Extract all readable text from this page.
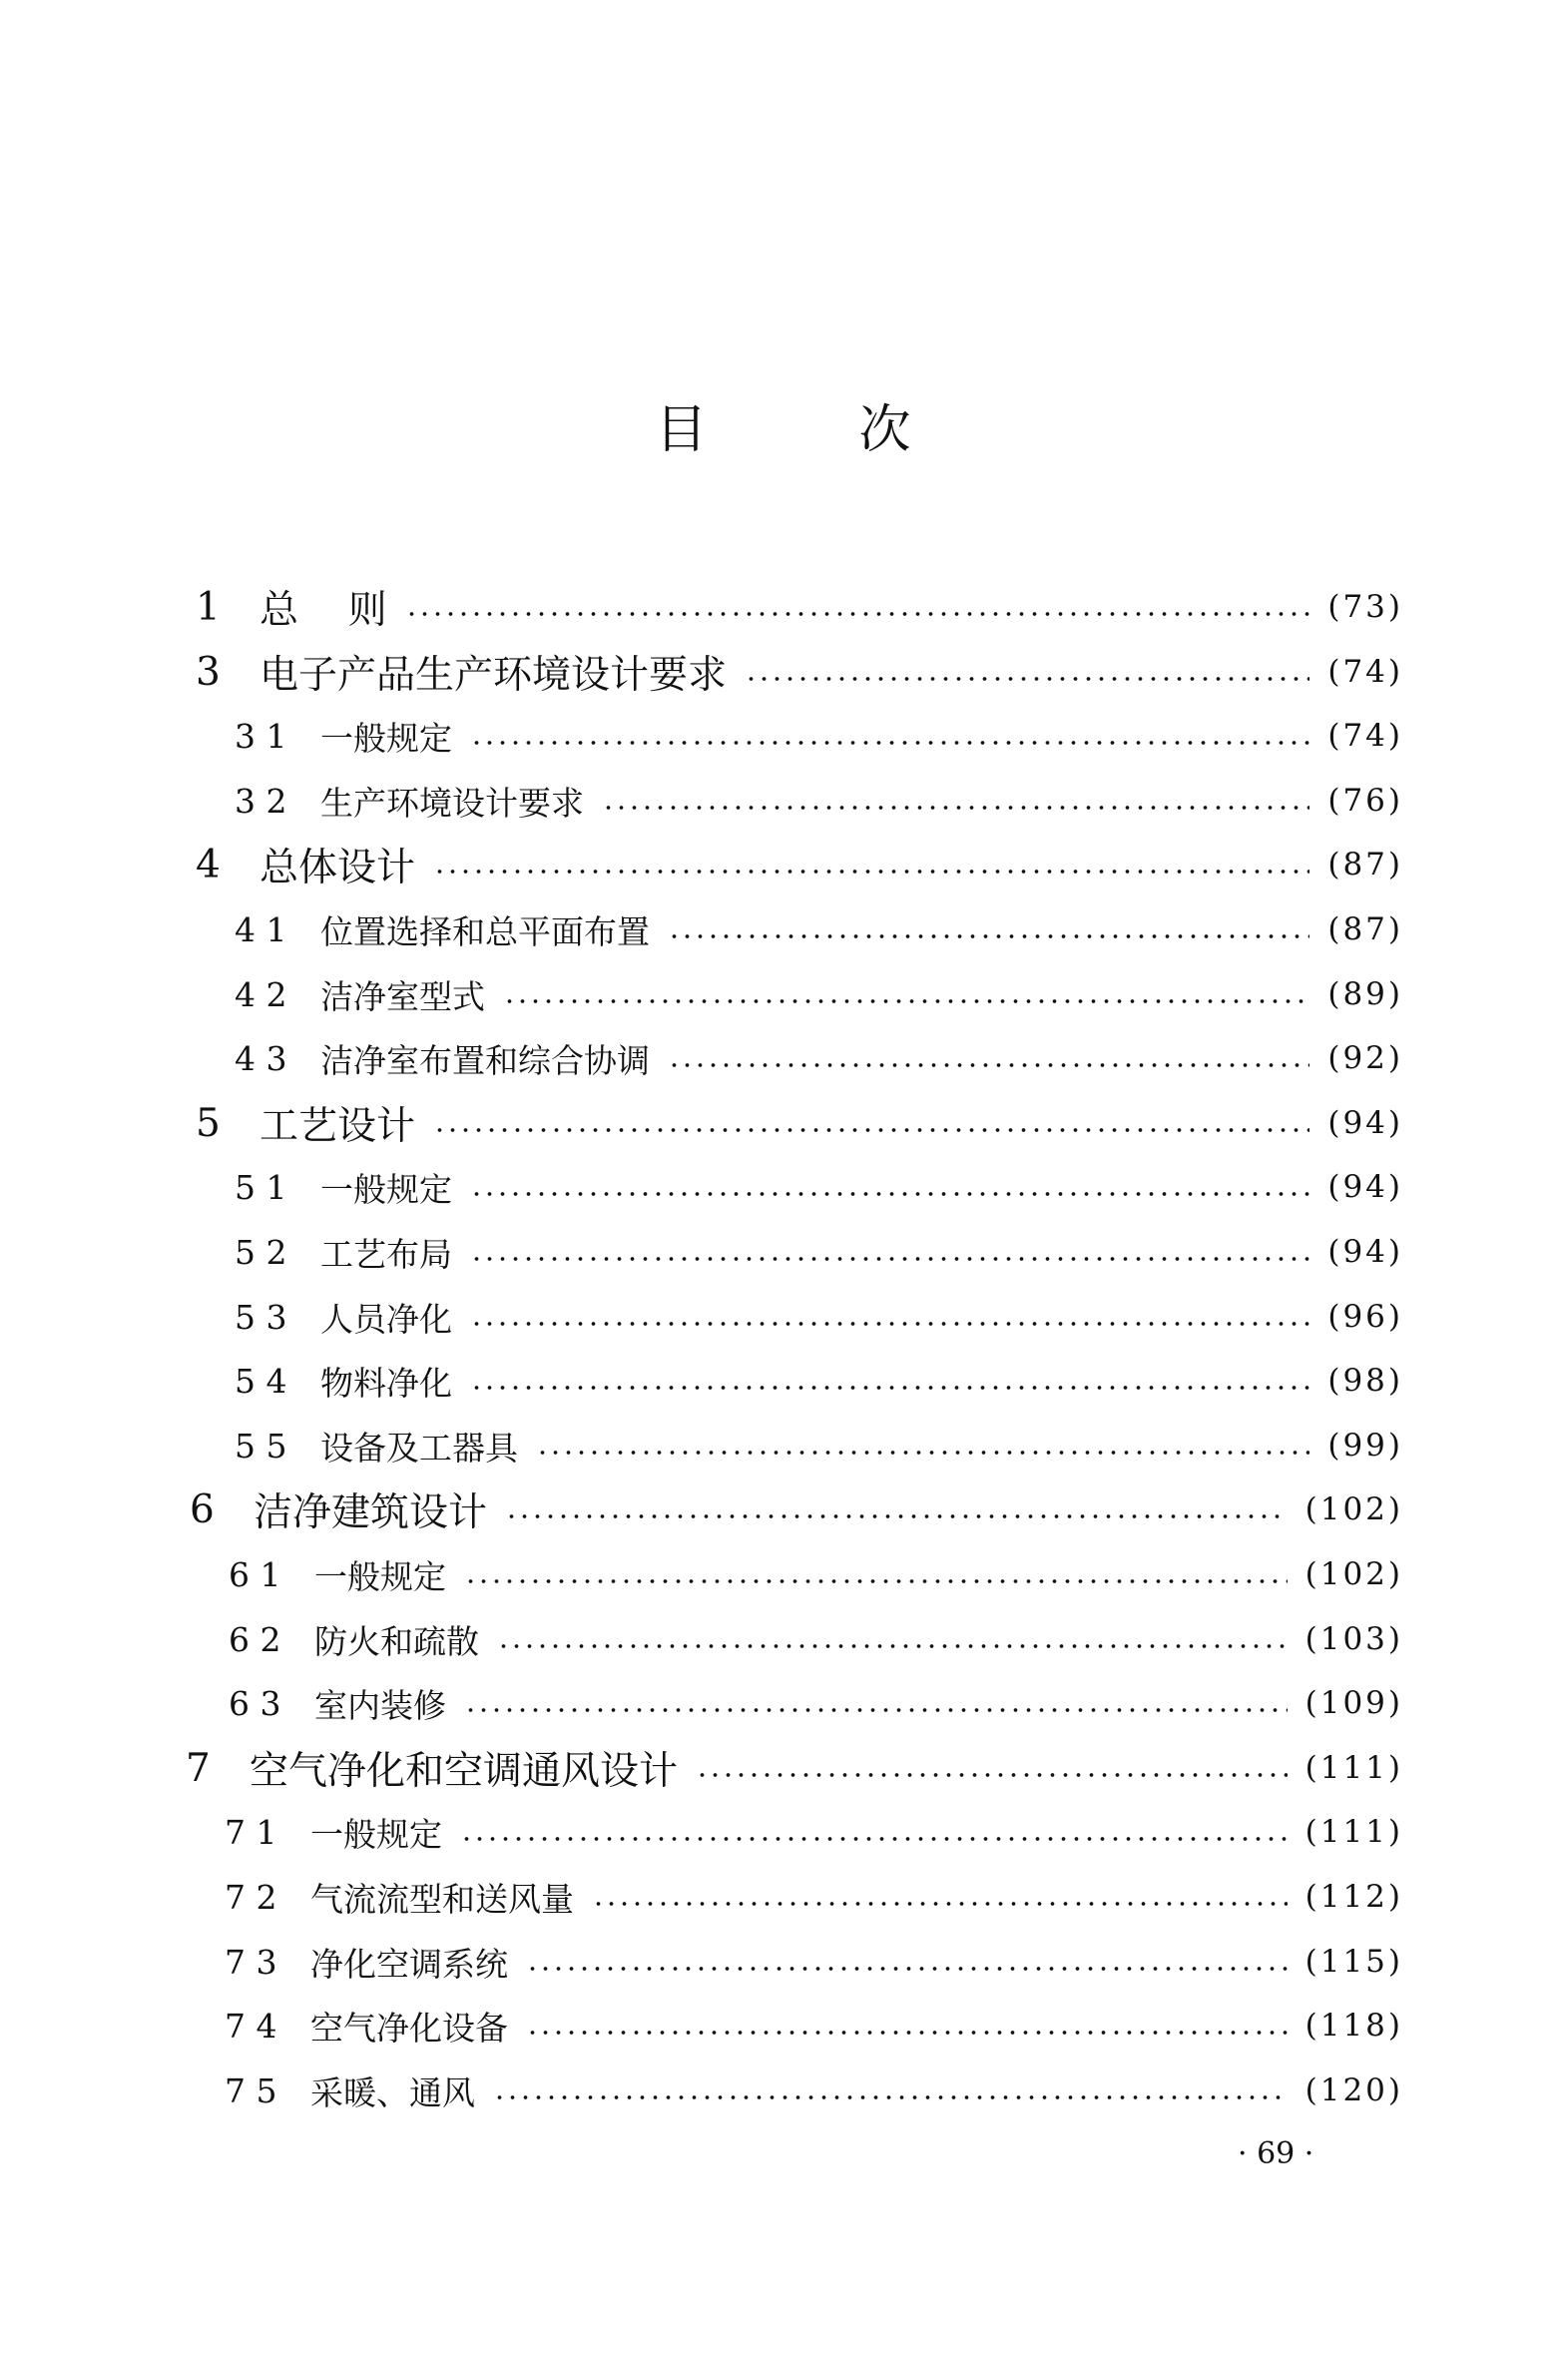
目	次
1	总    则	(73)
3	电子产品生产环境设计要求	(74)
3 1	一般规定	(74)
3 2	生产环境设计要求	(76)
4	总体设计	(87)
4 1	位置选择和总平面布置	(87)
4 2	洁净室型式	(89)
4 3	洁净室布置和综合协调	(92)
5	工艺设计	(94)
5 1	一般规定	(94)
5 2	工艺布局	(94)
5 3	人员净化	(96)
5 4	物料净化	(98)
5 5	设备及工器具	(99)
6	洁净建筑设计	(102)
6 1	一般规定	(102)
6 2	防火和疏散	(103)
6 3	室内装修	(109)
7	空气净化和空调通风设计	(111)
7 1	一般规定	(111)
7 2	气流流型和送风量	(112)
7 3	净化空调系统	(115)
7 4	空气净化设备	(118)
7 5	采暖、通风	(120)
· 69 ·
